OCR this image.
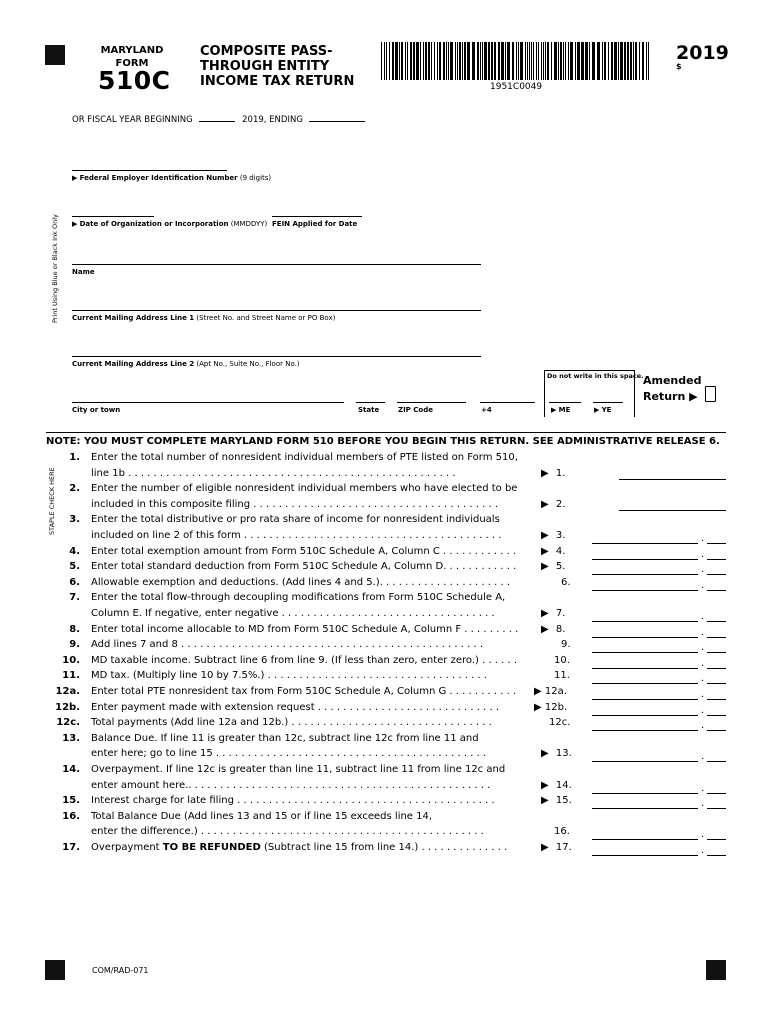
MARYLAND
FORM
510C
COMPOSITE PASS-
THROUGH ENTITY
INCOME TAX RETURN	1951C0049
2019
$
OR FISCAL YEAR BEGINNING	2019, ENDING
Print Using Blue or Black Ink Only
STAPLE CHECK HERE
▶ Federal Employer Identification Number (9 digits)
▶ Date of Organization or Incorporation (MMDDYY) FEIN Applied for Date
Name
Current Mailing Address Line 1 (Street No. and Street Name or PO Box)
Current Mailing Address Line 2 (Apt No., Suite No., Floor No.)
Do not write in this space.
City or town	State	ZIP Code	+4	▶ ME	▶ YE
Amended
Return ▶
NOTE: YOU MUST COMPLETE MARYLAND FORM 510 BEFORE YOU BEGIN THIS RETURN. SEE ADMINISTRATIVE RELEASE 6.
1. Enter the total number of nonresident individual members of PTE listed on Form 510,
line 1b . . . . . . . . . . . . . . . . . . . . . . . . . . . . . . . . . . . . . . . . . . . . . . . . . . . .	▶ 1.
2. Enter the number of eligible nonresident individual members who have elected to be
included in this composite filing . . . . . . . . . . . . . . . . . . . . . . . . . . . . . . . . . . . . . . .	▶ 2.
3. Enter the total distributive or pro rata share of income for nonresident individuals
included on line 2 of this form . . . . . . . . . . . . . . . . . . . . . . . . . . . . . . . . . . . . . . . . .	▶ 3.	.
4. Enter total exemption amount from Form 510C Schedule A, Column C . . . . . . . . . . . .	▶ 4.	.
5. Enter total standard deduction from Form 510C Schedule A, Column D. . . . . . . . . . . .	▶ 5.	.
6. Allowable exemption and deductions. (Add lines 4 and 5.). . . . . . . . . . . . . . . . . . . . .	6.	.
7. Enter the total flow-through decoupling modifications from Form 510C Schedule A,
Column E. If negative, enter negative . . . . . . . . . . . . . . . . . . . . . . . . . . . . . . . . . .	▶ 7.	.
8. Enter total income allocable to MD from Form 510C Schedule A, Column F . . . . . . . . .	▶ 8.	.
9. Add lines 7 and 8 . . . . . . . . . . . . . . . . . . . . . . . . . . . . . . . . . . . . . . . . . . . . . . . .	9.	.
10. MD taxable income. Subtract line 6 from line 9. (If less than zero, enter zero.) . . . . . .	10.	.
11. MD tax. (Multiply line 10 by 7.5%.) . . . . . . . . . . . . . . . . . . . . . . . . . . . . . . . . . . .	11.	.
12a. Enter total PTE nonresident tax from Form 510C Schedule A, Column G . . . . . . . . . . .	▶ 12a.	.
12b. Enter payment made with extension request . . . . . . . . . . . . . . . . . . . . . . . . . . . . .	▶ 12b.	.
12c. Total payments (Add line 12a and 12b.) . . . . . . . . . . . . . . . . . . . . . . . . . . . . . . . .	12c.	.
13. Balance Due. If line 11 is greater than 12c, subtract line 12c from line 11 and
enter here; go to line 15 . . . . . . . . . . . . . . . . . . . . . . . . . . . . . . . . . . . . . . . . . . .	▶ 13.	.
14. Overpayment. If line 12c is greater than line 11, subtract line 11 from line 12c and
enter amount here.. . . . . . . . . . . . . . . . . . . . . . . . . . . . . . . . . . . . . . . . . . . . . . . .	▶ 14.	.
15. Interest charge for late filing . . . . . . . . . . . . . . . . . . . . . . . . . . . . . . . . . . . . . . . . .	▶ 15.	.
16. Total Balance Due (Add lines 13 and 15 or if line 15 exceeds line 14,
enter the difference.) . . . . . . . . . . . . . . . . . . . . . . . . . . . . . . . . . . . . . . . . . . . . .	16.	.
17. Overpayment TO BE REFUNDED (Subtract line 15 from line 14.) . . . . . . . . . . . . . .	▶ 17.	.
COM/RAD-071
